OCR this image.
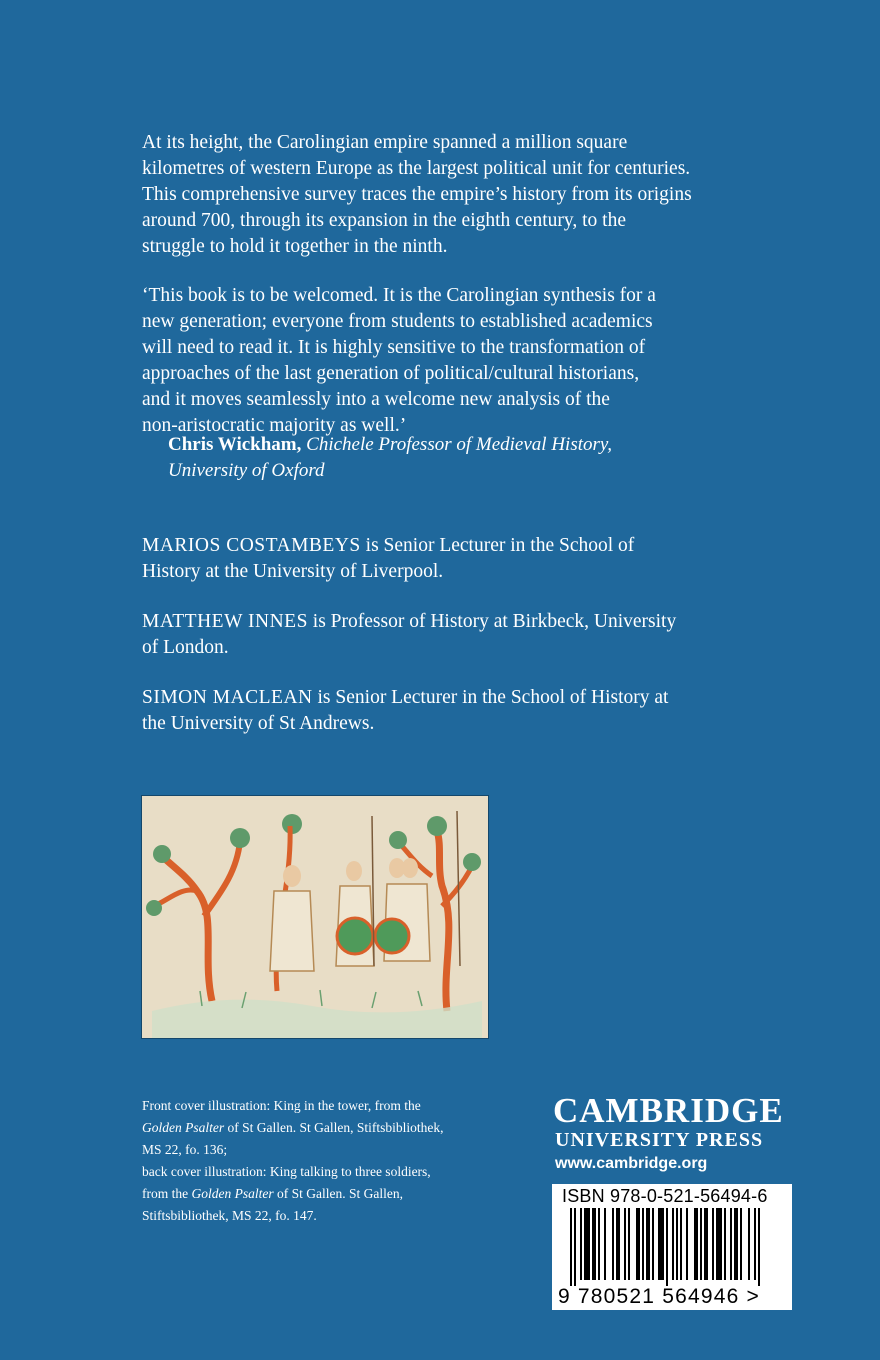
At its height, the Carolingian empire spanned a million square
kilometres of western Europe as the largest political unit for centuries.
This comprehensive survey traces the empire’s history from its origins
around 700, through its expansion in the eighth century, to the
struggle to hold it together in the ninth.
‘This book is to be welcomed. It is the Carolingian synthesis for a
new generation; everyone from students to established academics
will need to read it. It is highly sensitive to the transformation of
approaches of the last generation of political/cultural historians,
and it moves seamlessly into a welcome new analysis of the
non-aristocratic majority as well.’
Chris Wickham, Chichele Professor of Medieval History,
University of Oxford
MARIOS COSTAMBEYS is Senior Lecturer in the School of
History at the University of Liverpool.
MATTHEW INNES is Professor of History at Birkbeck, University
of London.
SIMON MACLEAN is Senior Lecturer in the School of History at
the University of St Andrews.
Front cover illustration: King in the tower, from the
Golden Psalter of St Gallen. St Gallen, Stiftsbibliothek,
MS 22, fo. 136;
back cover illustration: King talking to three soldiers,
from the Golden Psalter of St Gallen. St Gallen,
Stiftsbibliothek, MS 22, fo. 147.
CAMBRIDGE
UNIVERSITY PRESS
www.cambridge.org
ISBN 978-0-521-56494-6
9 780521 564946 >
